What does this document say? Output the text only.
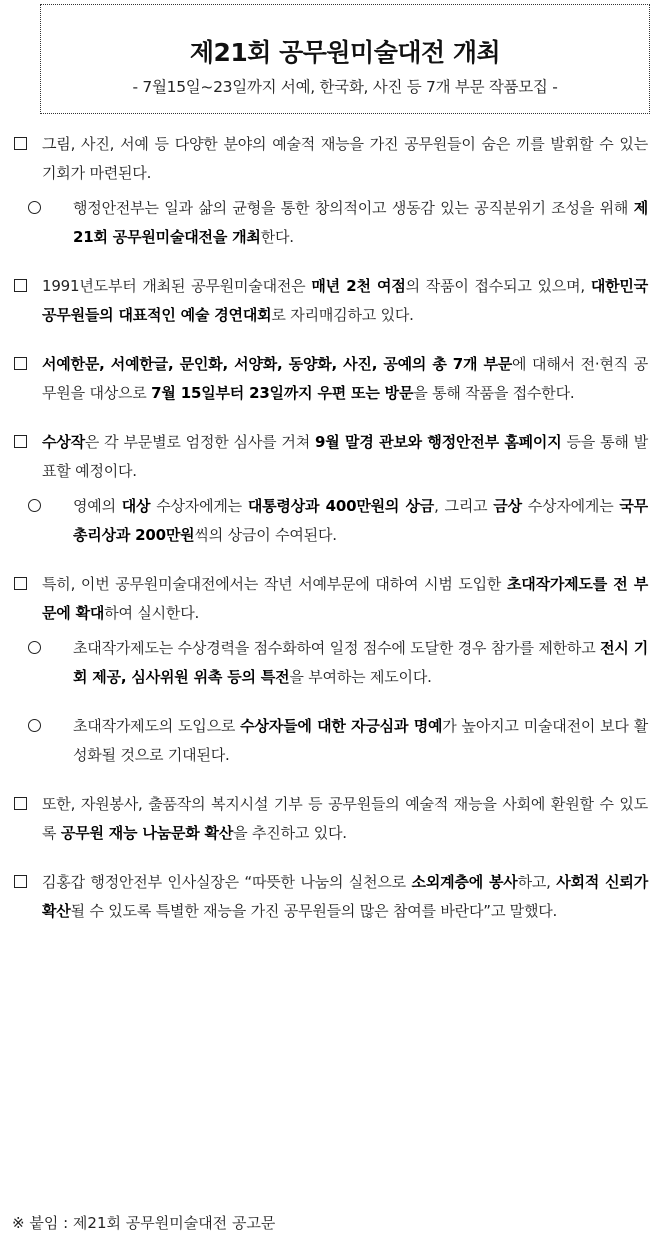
제21회 공무원미술대전 개최
- 7월15일~23일까지 서예, 한국화, 사진 등 7개 부문 작품모집 -
그림, 사진, 서예 등 다양한 분야의 예술적 재능을 가진 공무원들이 숨은 끼를 발휘할 수 있는 기회가 마련된다.
행정안전부는 일과 삶의 균형을 통한 창의적이고 생동감 있는 공직분위기 조성을 위해 제21회 공무원미술대전을 개최한다.
1991년도부터 개최된 공무원미술대전은 매년 2천 여점의 작품이 접수되고 있으며, 대한민국 공무원들의 대표적인 예술 경연대회로 자리매김하고 있다.
서예한문, 서예한글, 문인화, 서양화, 동양화, 사진, 공예의 총 7개 부문에 대해서 전·현직 공무원을 대상으로 7월 15일부터 23일까지 우편 또는 방문을 통해 작품을 접수한다.
수상작은 각 부문별로 엄정한 심사를 거쳐 9월 말경 관보와 행정안전부 홈페이지 등을 통해 발표할 예정이다.
영예의 대상 수상자에게는 대통령상과 400만원의 상금, 그리고 금상 수상자에게는 국무총리상과 200만원씩의 상금이 수여된다.
특히, 이번 공무원미술대전에서는 작년 서예부문에 대하여 시범 도입한 초대작가제도를 전 부문에 확대하여 실시한다.
초대작가제도는 수상경력을 점수화하여 일정 점수에 도달한 경우 참가를 제한하고 전시 기회 제공, 심사위원 위촉 등의 특전을 부여하는 제도이다.
초대작가제도의 도입으로 수상자들에 대한 자긍심과 명예가 높아지고 미술대전이 보다 활성화될 것으로 기대된다.
또한, 자원봉사, 출품작의 복지시설 기부 등 공무원들의 예술적 재능을 사회에 환원할 수 있도록 공무원 재능 나눔문화 확산을 추진하고 있다.
김홍갑 행정안전부 인사실장은 “따뜻한 나눔의 실천으로 소외계층에 봉사하고, 사회적 신뢰가 확산될 수 있도록 특별한 재능을 가진 공무원들의 많은 참여를 바란다”고 말했다.
※ 붙임 : 제21회 공무원미술대전 공고문
